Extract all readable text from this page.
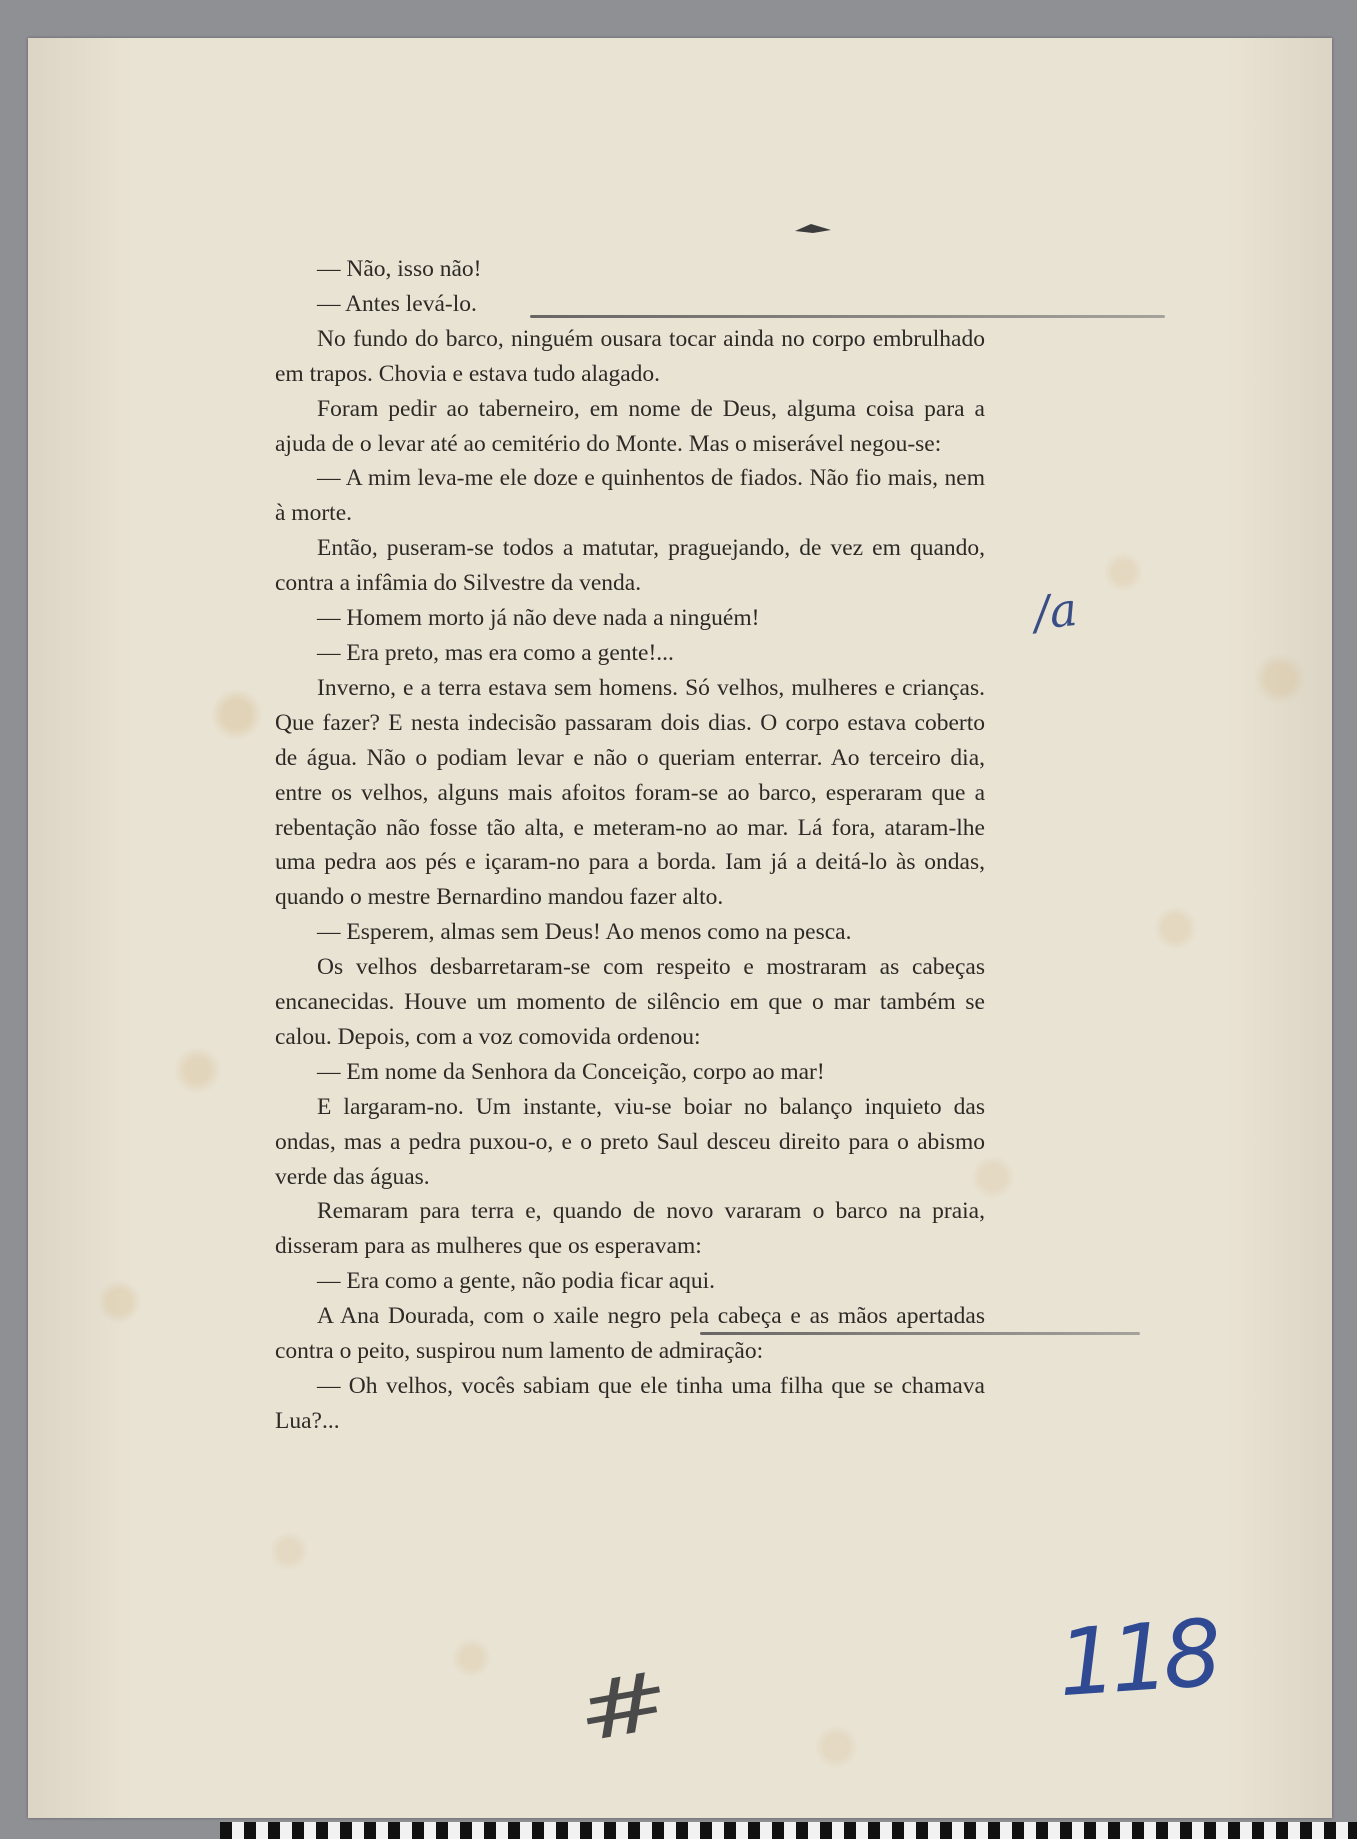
— Não, isso não!

— Antes levá-lo.

No fundo do barco, ninguém ousara tocar ainda no corpo embrulhado em trapos. Chovia e estava tudo alagado.

Foram pedir ao taberneiro, em nome de Deus, alguma coisa para a ajuda de o levar até ao cemitério do Monte. Mas o miserável negou-se:

— A mim leva-me ele doze e quinhentos de fiados. Não fio mais, nem à morte.

Então, puseram-se todos a matutar, praguejando, de vez em quando, contra a infâmia do Silvestre da venda.

— Homem morto já não deve nada a ninguém!

— Era preto, mas era como a gente!...

Inverno, e a terra estava sem homens. Só velhos, mulheres e crianças. Que fazer? E nesta indecisão passaram dois dias. O corpo estava coberto de água. Não o podiam levar e não o queriam enterrar. Ao terceiro dia, entre os velhos, alguns mais afoitos foram-se ao barco, esperaram que a rebentação não fosse tão alta, e meteram-no ao mar. Lá fora, ataram-lhe uma pedra aos pés e içaram-no para a borda. Iam já a deitá-lo às ondas, quando o mestre Bernardino mandou fazer alto.

— Esperem, almas sem Deus! Ao menos como na pesca.

Os velhos desbarretaram-se com respeito e mostraram as cabeças encanecidas. Houve um momento de silêncio em que o mar também se calou. Depois, com a voz comovida ordenou:

— Em nome da Senhora da Conceição, corpo ao mar!

E largaram-no. Um instante, viu-se boiar no balanço inquieto das ondas, mas a pedra puxou-o, e o preto Saul desceu direito para o abismo verde das águas.

Remaram para terra e, quando de novo vararam o barco na praia, disseram para as mulheres que os esperavam:

— Era como a gente, não podia ficar aqui.

A Ana Dourada, com o xaile negro pela cabeça e as mãos apertadas contra o peito, suspirou num lamento de admiração:

— Oh velhos, vocês sabiam que ele tinha uma filha que se chamava Lua?...

/a
118
#
